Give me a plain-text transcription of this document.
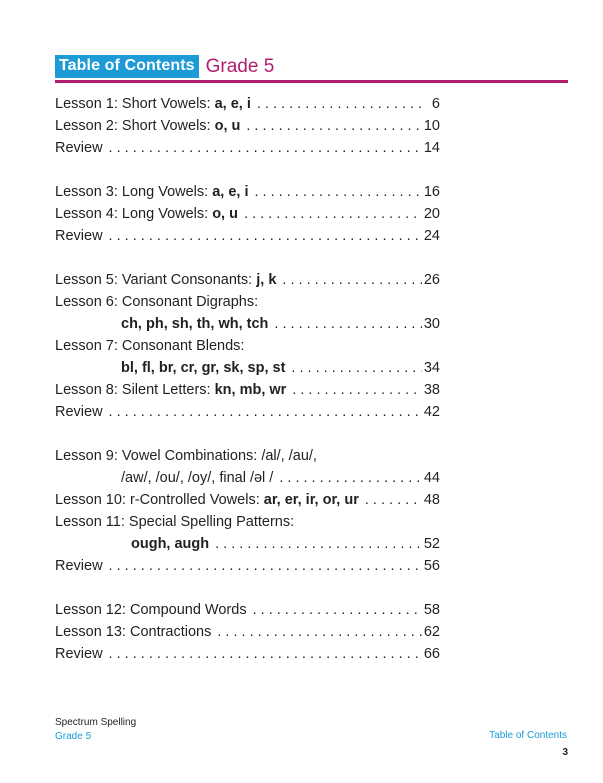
Table of Contents Grade 5
Lesson 1: Short Vowels: a, e, i . . .	6
Lesson 2: Short Vowels: o, u . . .	10
Review . . .	14
Lesson 3: Long Vowels: a, e, i . . .	16
Lesson 4: Long Vowels: o, u . . .	20
Review . . .	24
Lesson 5: Variant Consonants: j, k . . .	26
Lesson 6: Consonant Digraphs:
ch, ph, sh, th, wh, tch . . .	30
Lesson 7: Consonant Blends:
bl, fl, br, cr, gr, sk, sp, st . . .	34
Lesson 8: Silent Letters: kn, mb, wr . . .	38
Review . . .	42
Lesson 9: Vowel Combinations: /al/, /au/,
/aw/, /ou/, /oy/, final /əl / . . .	44
Lesson 10: r-Controlled Vowels: ar, er, ir, or, ur . . .	48
Lesson 11: Special Spelling Patterns:
ough, augh . . .	52
Review . . .	56
Lesson 12: Compound Words . . .	58
Lesson 13: Contractions . . .	62
Review . . .	66
Spectrum Spelling
Grade 5	Table of Contents
3
